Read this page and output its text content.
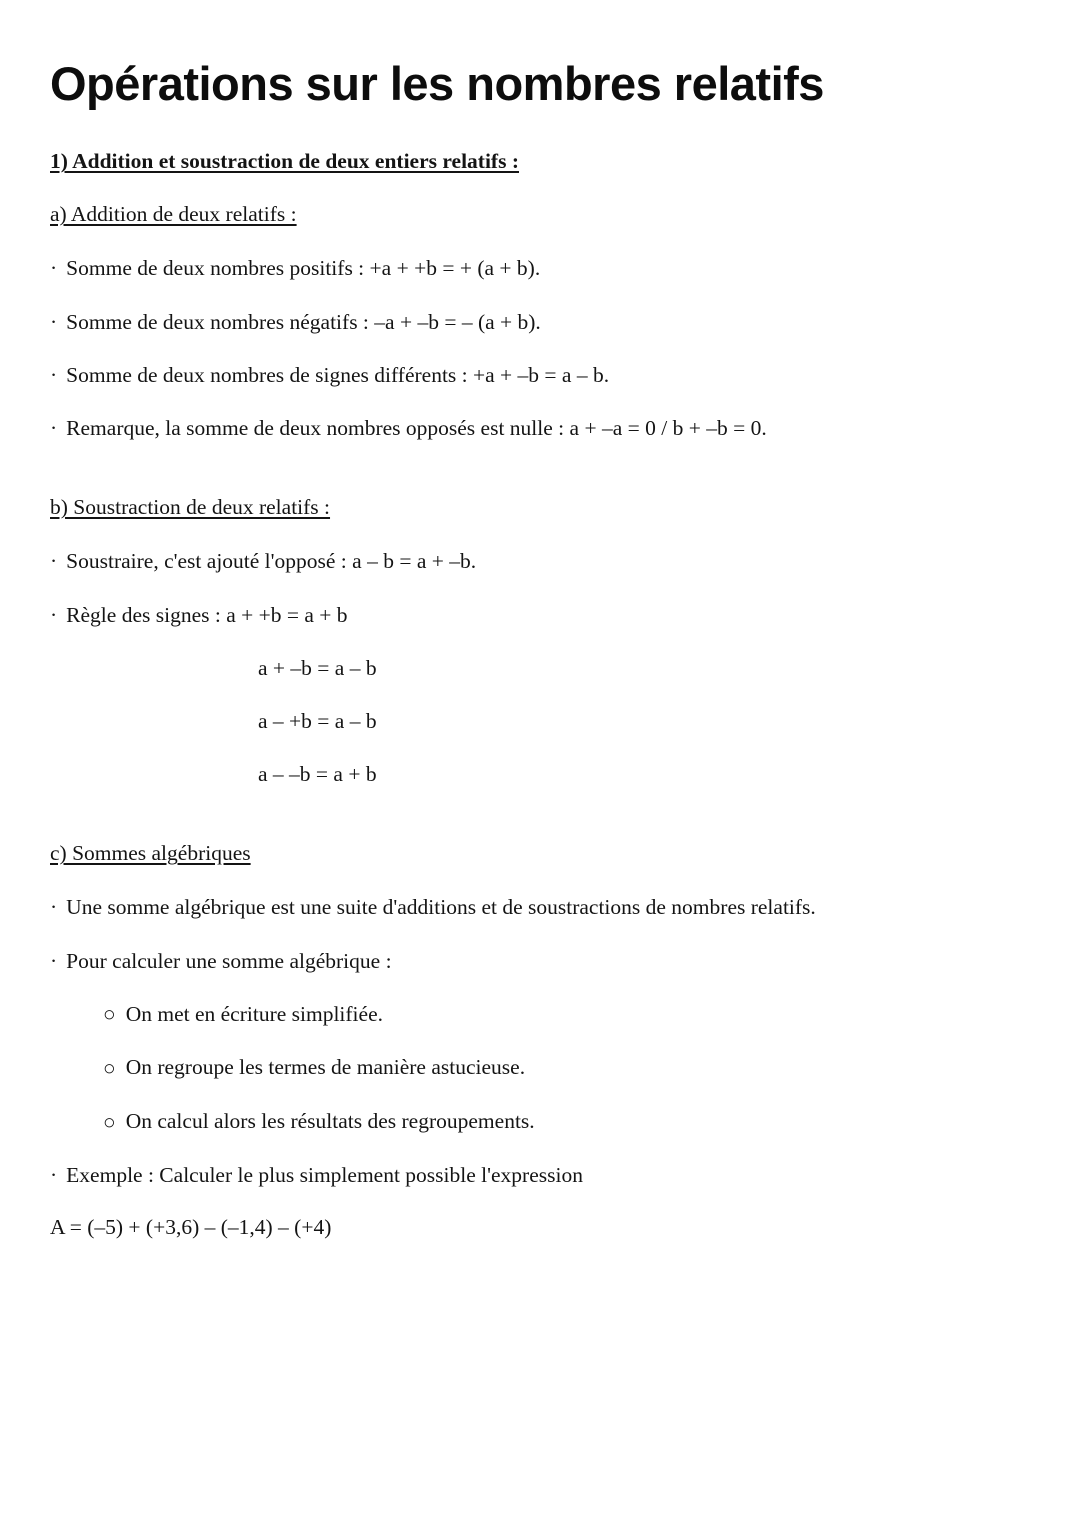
Opérations sur les nombres relatifs
1) Addition et soustraction de deux entiers relatifs :
a) Addition de deux relatifs :
· Somme de deux nombres positifs : +a + +b = + (a + b).
· Somme de deux nombres négatifs : –a + –b = – (a + b).
· Somme de deux nombres de signes différents : +a + –b = a – b.
· Remarque, la somme de deux nombres opposés est nulle : a + –a = 0 / b + –b = 0.
b) Soustraction de deux relatifs :
· Soustraire, c'est ajouté l'opposé : a – b = a + –b.
· Règle des signes : a + +b = a + b
a + –b = a – b
a – +b = a – b
a – –b = a + b
c) Sommes algébriques
· Une somme algébrique est une suite d'additions et de soustractions de nombres relatifs.
· Pour calculer une somme algébrique :
○ On met en écriture simplifiée.
○ On regroupe les termes de manière astucieuse.
○ On calcul alors les résultats des regroupements.
· Exemple : Calculer le plus simplement possible l'expression
A = (–5) + (+3,6) – (–1,4) – (+4)
